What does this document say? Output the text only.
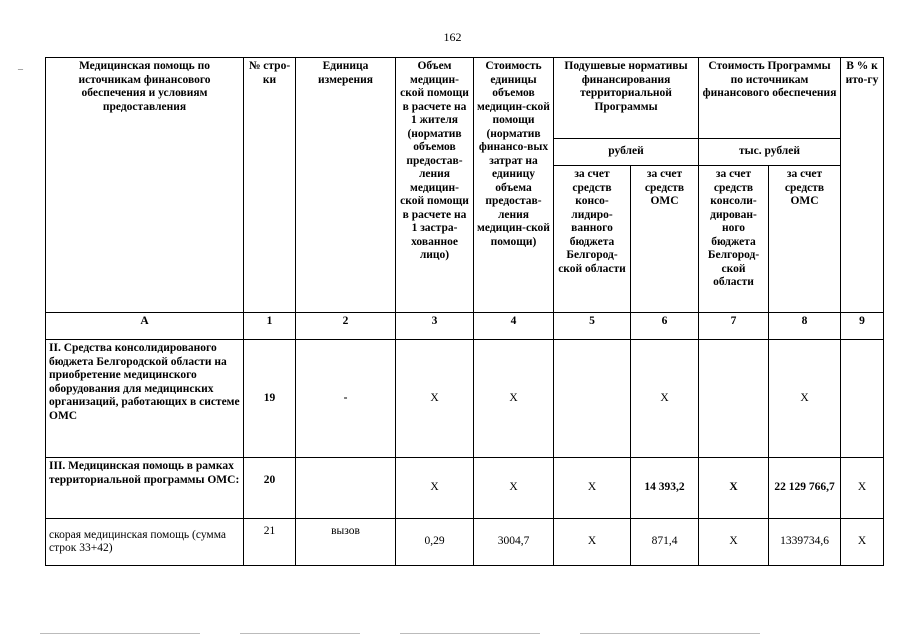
162
–	Медицинская помощь по источникам финансового обеспечения и условиям предоставления	№ стро-ки	Единица измерения	Объем медицин-ской помощи в расчете на 1 жителя (норматив объемов предостав-ления медицин-ской помощи в расчете на 1 застра-хованное лицо)	Стоимость единицы объемов медицин-ской помощи (норматив финансо-вых затрат на единицу объема предостав-ления медицин-ской помощи)	Подушевые нормативы финансирования территориальной Программы		Стоимость Программы по источникам финансового обеспечения		В % к ито-гу
					рублей		тыс. рублей		
					за счет средств консо-лидиро-ванного бюджета Белгород-ской области	за счет средств ОМС	за счет средств консоли-дирован-ного бюджета Белгород-ской области	за счет средств ОМС	
А	1	2	3	4	5	6	7	8	9
II. Средства консолидированого бюджета Белгородской области на приобретение медицинского оборудования для медицинских организаций, работающих в системе ОМС	19	-	Х	Х		Х		Х	
III. Медицинская помощь в рамках территориальной программы ОМС:	20		Х	Х	Х	14 393,2	Х	22 129 766,7	Х
скорая медицинская помощь (сумма строк 33+42)	21	вызов	0,29	3004,7	Х	871,4	Х	1339734,6	Х
